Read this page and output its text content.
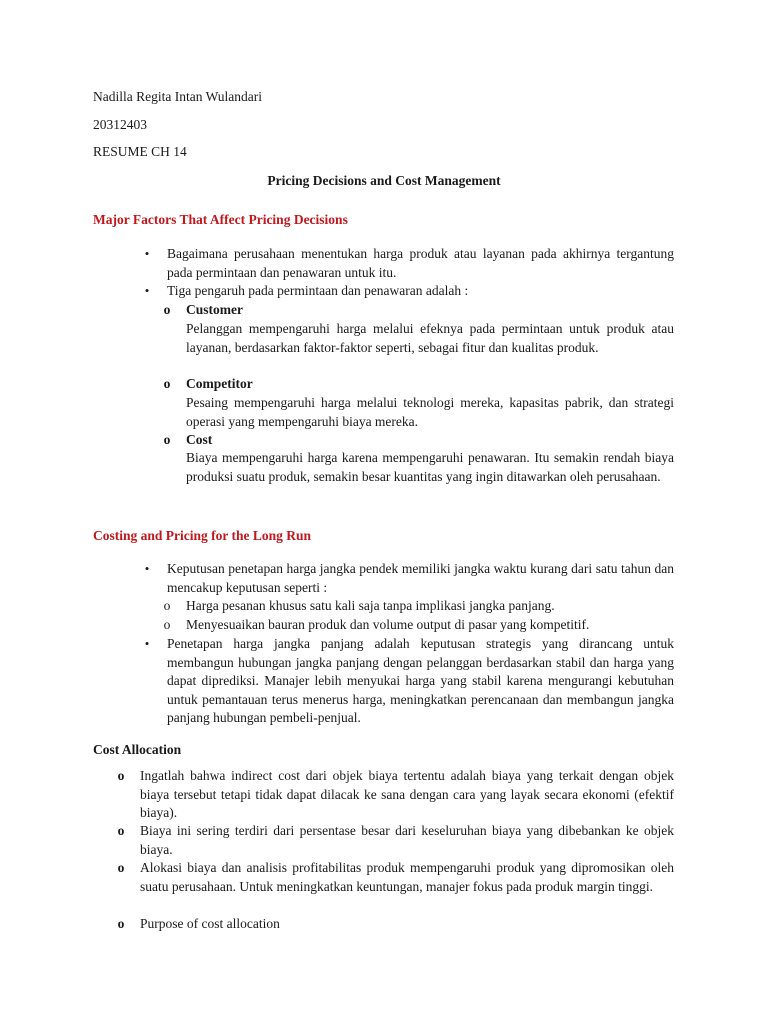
Nadilla Regita Intan Wulandari
20312403
RESUME CH 14
Pricing Decisions and Cost Management
Major Factors That Affect Pricing Decisions
•	Bagaimana perusahaan menentukan harga produk atau layanan pada akhirnya tergantung pada permintaan dan penawaran untuk itu.
•	Tiga pengaruh pada permintaan dan penawaran adalah :
o Customer
Pelanggan mempengaruhi harga melalui efeknya pada permintaan untuk produk atau layanan, berdasarkan faktor-faktor seperti, sebagai fitur dan kualitas produk.
o Competitor
Pesaing mempengaruhi harga melalui teknologi mereka, kapasitas pabrik, dan strategi operasi yang mempengaruhi biaya mereka.
o Cost
Biaya mempengaruhi harga karena mempengaruhi penawaran. Itu semakin rendah biaya produksi suatu produk, semakin besar kuantitas yang ingin ditawarkan oleh perusahaan.
Costing and Pricing for the Long Run
•	Keputusan penetapan harga jangka pendek memiliki jangka waktu kurang dari satu tahun dan mencakup keputusan seperti :
o Harga pesanan khusus satu kali saja tanpa implikasi jangka panjang.
o Menyesuaikan bauran produk dan volume output di pasar yang kompetitif.
•	Penetapan harga jangka panjang adalah keputusan strategis yang dirancang untuk membangun hubungan jangka panjang dengan pelanggan berdasarkan stabil dan harga yang dapat diprediksi. Manajer lebih menyukai harga yang stabil karena mengurangi kebutuhan untuk pemantauan terus menerus harga, meningkatkan perencanaan dan membangun jangka panjang hubungan pembeli-penjual.
Cost Allocation
o Ingatlah bahwa indirect cost dari objek biaya tertentu adalah biaya yang terkait dengan objek biaya tersebut tetapi tidak dapat dilacak ke sana dengan cara yang layak secara ekonomi (efektif biaya).
o Biaya ini sering terdiri dari persentase besar dari keseluruhan biaya yang dibebankan ke objek biaya.
o Alokasi biaya dan analisis profitabilitas produk mempengaruhi produk yang dipromosikan oleh suatu perusahaan. Untuk meningkatkan keuntungan, manajer fokus pada produk margin tinggi.
o Purpose of cost allocation
